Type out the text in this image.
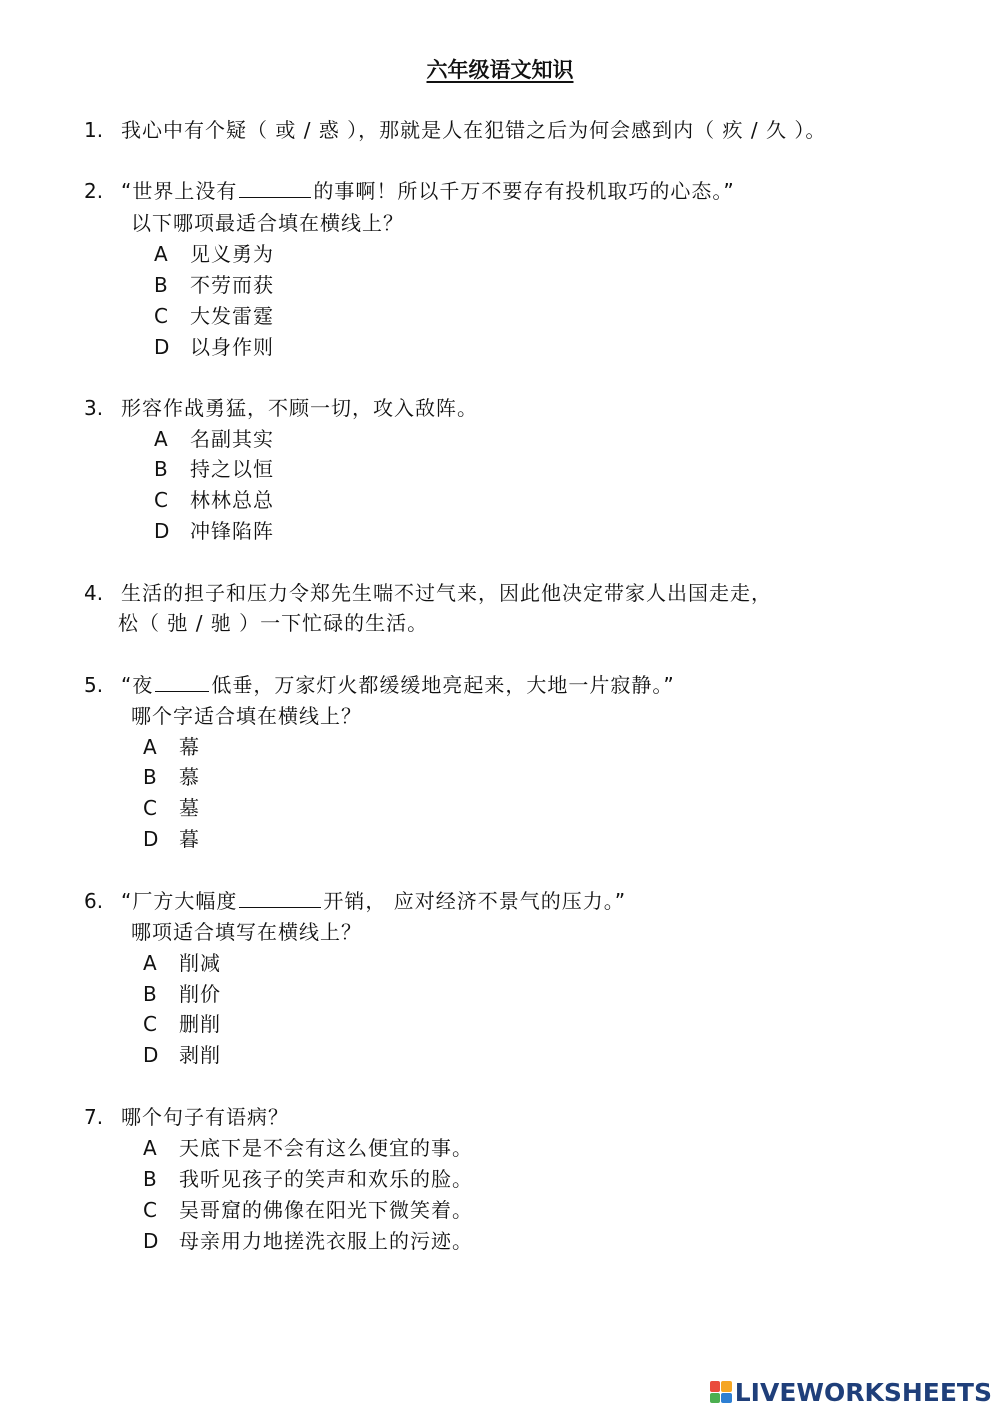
六年级语文知识
1. 我心中有个疑（ 或 / 惑 ），那就是人在犯错之后为何会感到内（ 疚 / 久 ）。
2. “世界上没有	的事啊！所以千万不要存有投机取巧的心态。”
以下哪项最适合填在横线上？
A 见义勇为
B 不劳而获
C 大发雷霆
D 以身作则
3. 形容作战勇猛，不顾一切，攻入敌阵。
A 名副其实
B 持之以恒
C 林林总总
D 冲锋陷阵
4. 生活的担子和压力令郑先生喘不过气来，因此他决定带家人出国走走，
松（ 弛 / 驰 ）一下忙碌的生活。
5. “夜	低垂，万家灯火都缓缓地亮起来，大地一片寂静。”
哪个字适合填在横线上？
A 幕
B 慕
C 墓
D 暮
6. “厂方大幅度	开销， 应对经济不景气的压力。”
哪项适合填写在横线上？
A 削减
B 削价
C 删削
D 剥削
7. 哪个句子有语病？
A 天底下是不会有这么便宜的事。
B 我听见孩子的笑声和欢乐的脸。
C 吴哥窟的佛像在阳光下微笑着。
D 母亲用力地搓洗衣服上的污迹。
LIVEWORKSHEETS
